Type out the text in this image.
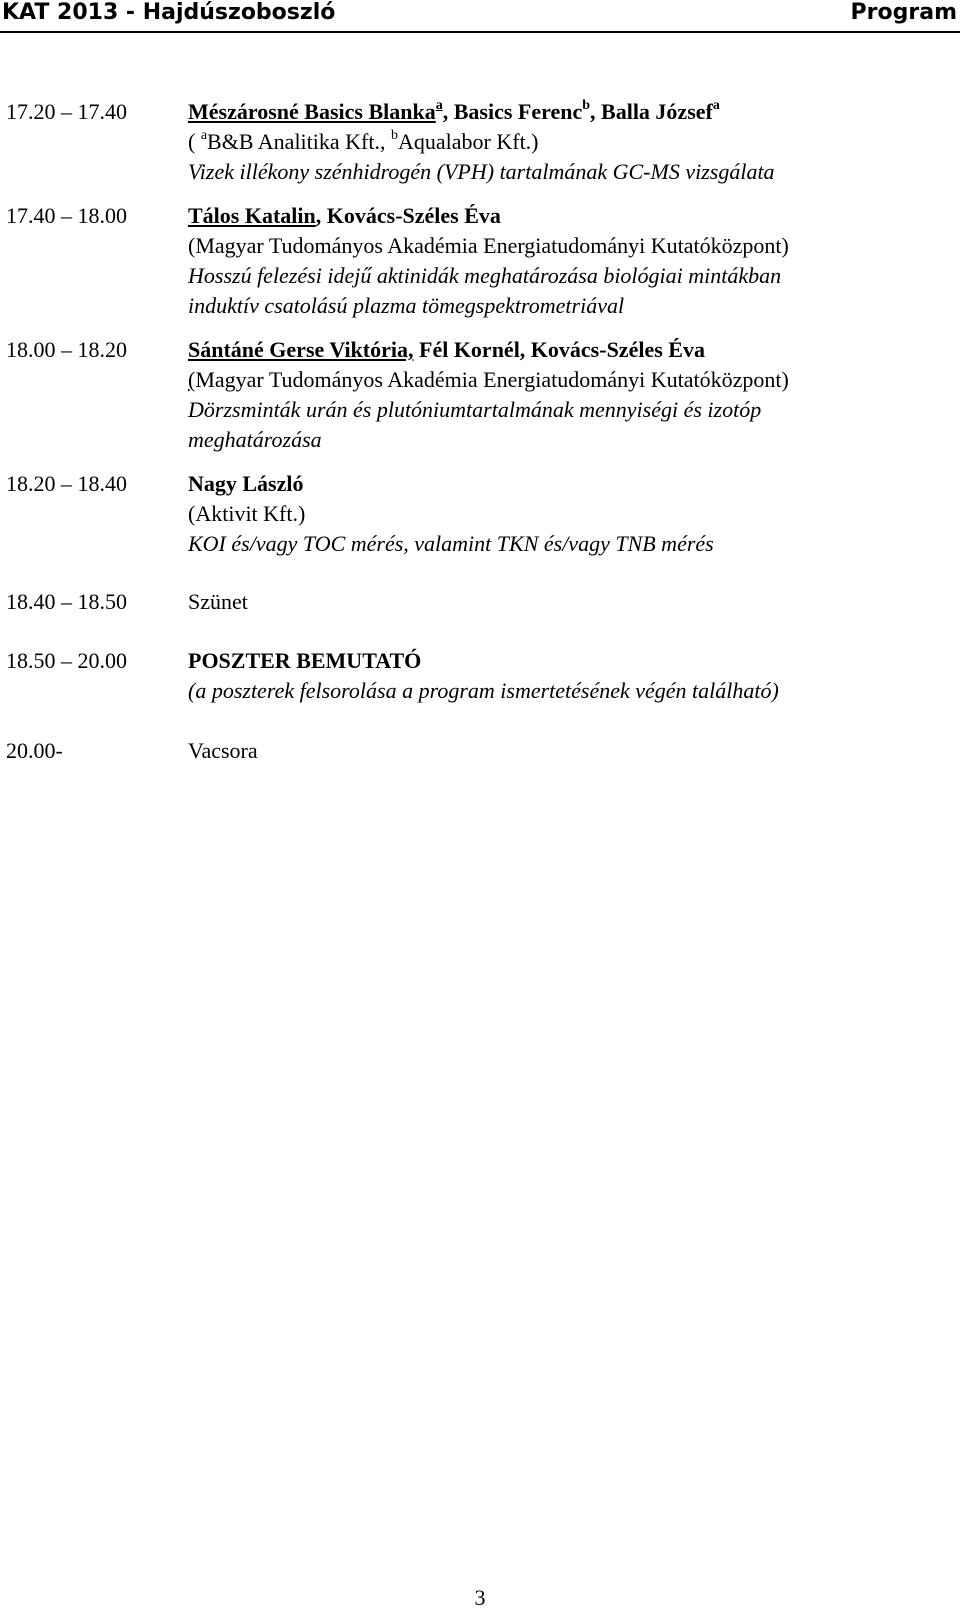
KAT 2013 - Hajdúszoboszló	Program
17.20 – 17.40	Mészárosné Basics Blanka$^a$, Basics Ferenc$^b$, Balla József$^a$
( $^a$B&B Analitika Kft., $^b$Aqualabor Kft.)
Vizek illékony szénhidrogén (VPH) tartalmának GC-MS vizsgálata
17.40 – 18.00	Tálos Katalin, Kovács-Széles Éva
(Magyar Tudományos Akadémia Energiatudományi Kutatóközpont)
Hosszú felezési idejű aktinidák meghatározása biológiai mintákban
induktív csatolású plazma tömegspektrometriával
18.00 – 18.20	Sántáné Gerse Viktória, Fél Kornél, Kovács-Széles Éva
(Magyar Tudományos Akadémia Energiatudományi Kutatóközpont)
Dörzsminták urán és plutóniumtartalmának mennyiségi és izotóp
meghatározása
18.20 – 18.40	Nagy László
(Aktivit Kft.)
KOI és/vagy TOC mérés, valamint TKN és/vagy TNB mérés
18.40 – 18.50	Szünet
18.50 – 20.00	POSZTER BEMUTATÓ
(a poszterek felsorolása a program ismertetésének végén található)
20.00-	Vacsora
3
